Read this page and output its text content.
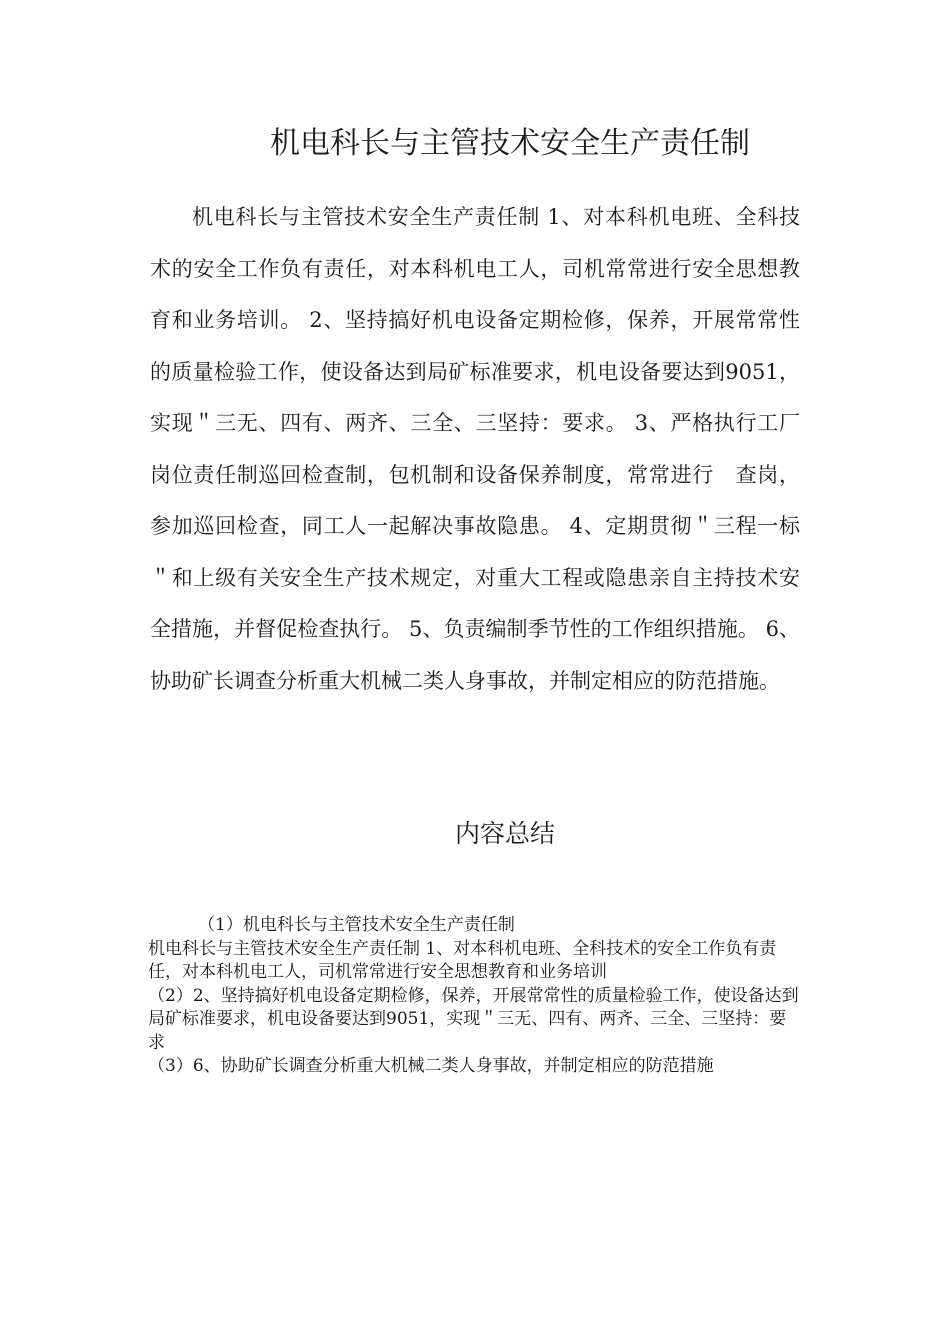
机电科长与主管技术安全生产责任制

机电科长与主管技术安全生产责任制 1、对本科机电班、全科技术的安全工作负有责任，对本科机电工人，司机常常进行安全思想教育和业务培训。 2、坚持搞好机电设备定期检修，保养，开展常常性的质量检验工作，使设备达到局矿标准要求，机电设备要达到9051，实现＂三无、四有、两齐、三全、三坚持：要求。 3、严格执行工厂岗位责任制巡回检查制，包机制和设备保养制度，常常进行　查岗，参加巡回检查，同工人一起解决事故隐患。 4、定期贯彻＂三程一标＂和上级有关安全生产技术规定，对重大工程或隐患亲自主持技术安全措施，并督促检查执行。 5、负责编制季节性的工作组织措施。 6、协助矿长调查分析重大机械二类人身事故，并制定相应的防范措施。

内容总结

（1）机电科长与主管技术安全生产责任制

机电科长与主管技术安全生产责任制 1、对本科机电班、全科技术的安全工作负有责任，对本科机电工人，司机常常进行安全思想教育和业务培训

（2）2、坚持搞好机电设备定期检修，保养，开展常常性的质量检验工作，使设备达到局矿标准要求，机电设备要达到9051，实现＂三无、四有、两齐、三全、三坚持：要求

（3）6、协助矿长调查分析重大机械二类人身事故，并制定相应的防范措施
